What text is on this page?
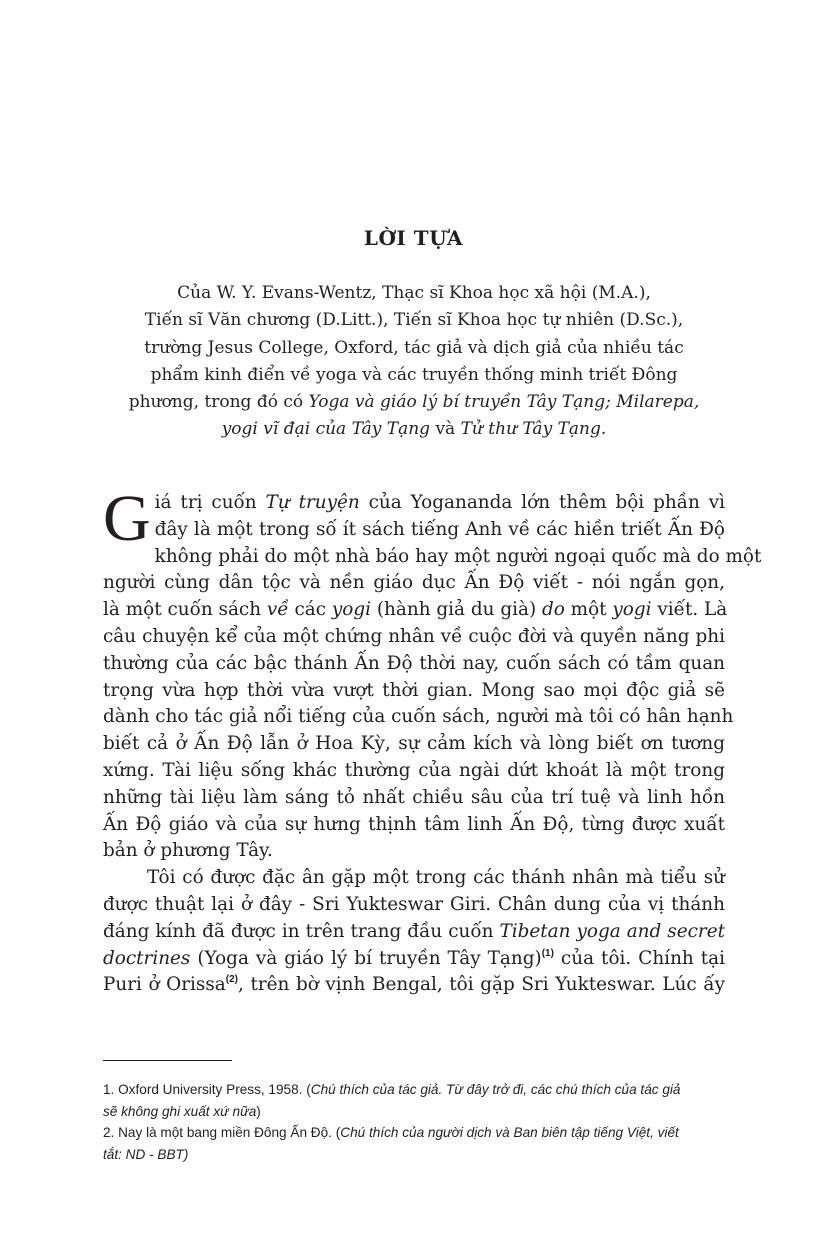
LỜI TỰA
Của W. Y. Evans-Wentz, Thạc sĩ Khoa học xã hội (M.A.),
Tiến sĩ Văn chương (D.Litt.), Tiến sĩ Khoa học tự nhiên (D.Sc.),
trường Jesus College, Oxford, tác giả và dịch giả của nhiều tác
phẩm kinh điển về yoga và các truyền thống minh triết Đông
phương, trong đó có Yoga và giáo lý bí truyền Tây Tạng; Milarepa,
yogi vĩ đại của Tây Tạng và Tử thư Tây Tạng.
G iá trị cuốn Tự truyện của Yogananda lớn thêm bội phần vì
đây là một trong số ít sách tiếng Anh về các hiền triết Ấn Độ
không phải do một nhà báo hay một người ngoại quốc mà do một
người cùng dân tộc và nền giáo dục Ấn Độ viết - nói ngắn gọn,
là một cuốn sách về các yogi (hành giả du già) do một yogi viết. Là
câu chuyện kể của một chứng nhân về cuộc đời và quyền năng phi
thường của các bậc thánh Ấn Độ thời nay, cuốn sách có tầm quan
trọng vừa hợp thời vừa vượt thời gian. Mong sao mọi độc giả sẽ
dành cho tác giả nổi tiếng của cuốn sách, người mà tôi có hân hạnh
biết cả ở Ấn Độ lẫn ở Hoa Kỳ, sự cảm kích và lòng biết ơn tương
xứng. Tài liệu sống khác thường của ngài dứt khoát là một trong
những tài liệu làm sáng tỏ nhất chiều sâu của trí tuệ và linh hồn
Ấn Độ giáo và của sự hưng thịnh tâm linh Ấn Độ, từng được xuất
bản ở phương Tây.
Tôi có được đặc ân gặp một trong các thánh nhân mà tiểu sử
được thuật lại ở đây - Sri Yukteswar Giri. Chân dung của vị thánh
đáng kính đã được in trên trang đầu cuốn Tibetan yoga and secret
doctrines (Yoga và giáo lý bí truyền Tây Tạng)$^{(1)}$ của tôi. Chính tại
Puri ở Orissa$^{(2)}$, trên bờ vịnh Bengal, tôi gặp Sri Yukteswar. Lúc ấy
1. Oxford University Press, 1958. (Chú thích của tác giả. Từ đây trở đi, các chú thích của tác giả
sẽ không ghi xuất xứ nữa)
2. Nay là một bang miền Đông Ấn Độ. (Chú thích của người dịch và Ban biên tập tiếng Việt, viết
tắt: ND - BBT)
